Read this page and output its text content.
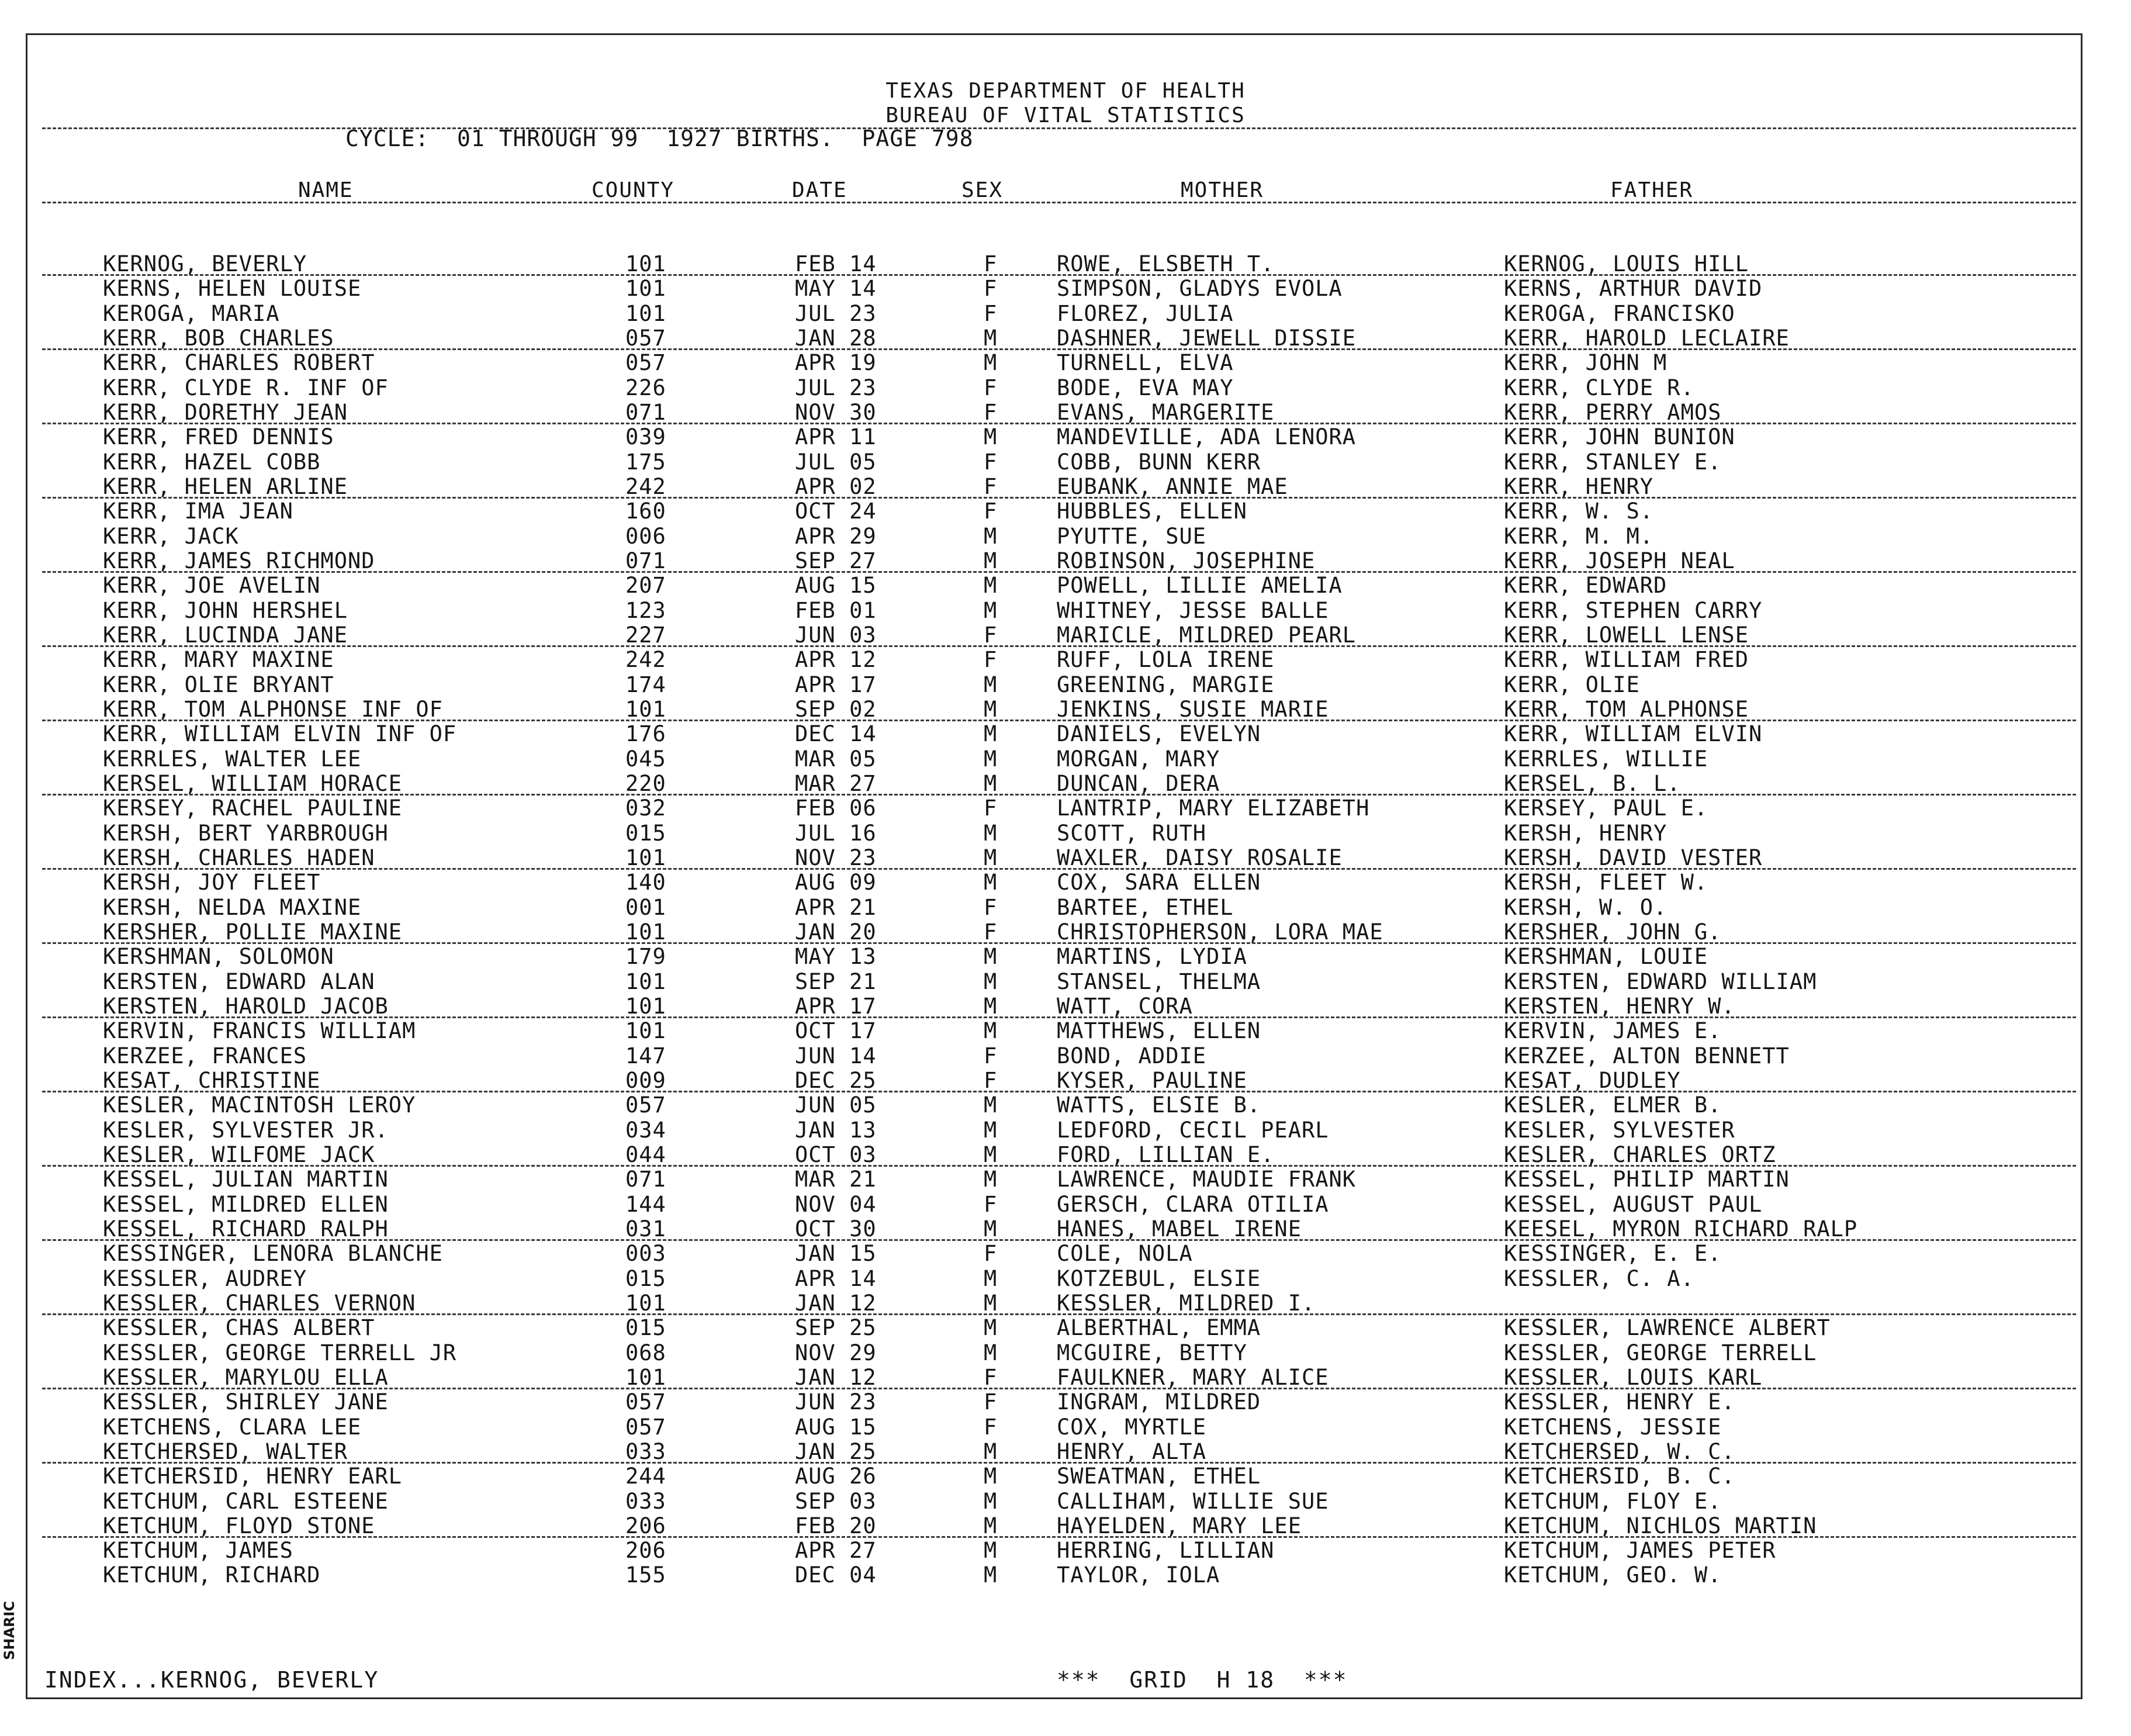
SHARIC
TEXAS DEPARTMENT OF HEALTH
BUREAU OF VITAL STATISTICS
CYCLE:  01 THROUGH 99  1927 BIRTHS.  PAGE 798
NAME	COUNTY	DATE	SEX	MOTHER	FATHER
KERNOG, BEVERLY	101	FEB 14	F	ROWE, ELSBETH T.	KERNOG, LOUIS HILL
KERNS, HELEN LOUISE	101	MAY 14	F	SIMPSON, GLADYS EVOLA	KERNS, ARTHUR DAVID
KEROGA, MARIA	101	JUL 23	F	FLOREZ, JULIA	KEROGA, FRANCISKO
KERR, BOB CHARLES	057	JAN 28	M	DASHNER, JEWELL DISSIE	KERR, HAROLD LECLAIRE
KERR, CHARLES ROBERT	057	APR 19	M	TURNELL, ELVA	KERR, JOHN M
KERR, CLYDE R. INF OF	226	JUL 23	F	BODE, EVA MAY	KERR, CLYDE R.
KERR, DORETHY JEAN	071	NOV 30	F	EVANS, MARGERITE	KERR, PERRY AMOS
KERR, FRED DENNIS	039	APR 11	M	MANDEVILLE, ADA LENORA	KERR, JOHN BUNION
KERR, HAZEL COBB	175	JUL 05	F	COBB, BUNN KERR	KERR, STANLEY E.
KERR, HELEN ARLINE	242	APR 02	F	EUBANK, ANNIE MAE	KERR, HENRY
KERR, IMA JEAN	160	OCT 24	F	HUBBLES, ELLEN	KERR, W. S.
KERR, JACK	006	APR 29	M	PYUTTE, SUE	KERR, M. M.
KERR, JAMES RICHMOND	071	SEP 27	M	ROBINSON, JOSEPHINE	KERR, JOSEPH NEAL
KERR, JOE AVELIN	207	AUG 15	M	POWELL, LILLIE AMELIA	KERR, EDWARD
KERR, JOHN HERSHEL	123	FEB 01	M	WHITNEY, JESSE BALLE	KERR, STEPHEN CARRY
KERR, LUCINDA JANE	227	JUN 03	F	MARICLE, MILDRED PEARL	KERR, LOWELL LENSE
KERR, MARY MAXINE	242	APR 12	F	RUFF, LOLA IRENE	KERR, WILLIAM FRED
KERR, OLIE BRYANT	174	APR 17	M	GREENING, MARGIE	KERR, OLIE
KERR, TOM ALPHONSE INF OF	101	SEP 02	M	JENKINS, SUSIE MARIE	KERR, TOM ALPHONSE
KERR, WILLIAM ELVIN INF OF	176	DEC 14	M	DANIELS, EVELYN	KERR, WILLIAM ELVIN
KERRLES, WALTER LEE	045	MAR 05	M	MORGAN, MARY	KERRLES, WILLIE
KERSEL, WILLIAM HORACE	220	MAR 27	M	DUNCAN, DERA	KERSEL, B. L.
KERSEY, RACHEL PAULINE	032	FEB 06	F	LANTRIP, MARY ELIZABETH	KERSEY, PAUL E.
KERSH, BERT YARBROUGH	015	JUL 16	M	SCOTT, RUTH	KERSH, HENRY
KERSH, CHARLES HADEN	101	NOV 23	M	WAXLER, DAISY ROSALIE	KERSH, DAVID VESTER
KERSH, JOY FLEET	140	AUG 09	M	COX, SARA ELLEN	KERSH, FLEET W.
KERSH, NELDA MAXINE	001	APR 21	F	BARTEE, ETHEL	KERSH, W. O.
KERSHER, POLLIE MAXINE	101	JAN 20	F	CHRISTOPHERSON, LORA MAE	KERSHER, JOHN G.
KERSHMAN, SOLOMON	179	MAY 13	M	MARTINS, LYDIA	KERSHMAN, LOUIE
KERSTEN, EDWARD ALAN	101	SEP 21	M	STANSEL, THELMA	KERSTEN, EDWARD WILLIAM
KERSTEN, HAROLD JACOB	101	APR 17	M	WATT, CORA	KERSTEN, HENRY W.
KERVIN, FRANCIS WILLIAM	101	OCT 17	M	MATTHEWS, ELLEN	KERVIN, JAMES E.
KERZEE, FRANCES	147	JUN 14	F	BOND, ADDIE	KERZEE, ALTON BENNETT
KESAT, CHRISTINE	009	DEC 25	F	KYSER, PAULINE	KESAT, DUDLEY
KESLER, MACINTOSH LEROY	057	JUN 05	M	WATTS, ELSIE B.	KESLER, ELMER B.
KESLER, SYLVESTER JR.	034	JAN 13	M	LEDFORD, CECIL PEARL	KESLER, SYLVESTER
KESLER, WILFOME JACK	044	OCT 03	M	FORD, LILLIAN E.	KESLER, CHARLES ORTZ
KESSEL, JULIAN MARTIN	071	MAR 21	M	LAWRENCE, MAUDIE FRANK	KESSEL, PHILIP MARTIN
KESSEL, MILDRED ELLEN	144	NOV 04	F	GERSCH, CLARA OTILIA	KESSEL, AUGUST PAUL
KESSEL, RICHARD RALPH	031	OCT 30	M	HANES, MABEL IRENE	KEESEL, MYRON RICHARD RALP
KESSINGER, LENORA BLANCHE	003	JAN 15	F	COLE, NOLA	KESSINGER, E. E.
KESSLER, AUDREY	015	APR 14	M	KOTZEBUL, ELSIE	KESSLER, C. A.
KESSLER, CHARLES VERNON	101	JAN 12	M	KESSLER, MILDRED I.
KESSLER, CHAS ALBERT	015	SEP 25	M	ALBERTHAL, EMMA	KESSLER, LAWRENCE ALBERT
KESSLER, GEORGE TERRELL JR	068	NOV 29	M	MCGUIRE, BETTY	KESSLER, GEORGE TERRELL
KESSLER, MARYLOU ELLA	101	JAN 12	F	FAULKNER, MARY ALICE	KESSLER, LOUIS KARL
KESSLER, SHIRLEY JANE	057	JUN 23	F	INGRAM, MILDRED	KESSLER, HENRY E.
KETCHENS, CLARA LEE	057	AUG 15	F	COX, MYRTLE	KETCHENS, JESSIE
KETCHERSED, WALTER	033	JAN 25	M	HENRY, ALTA	KETCHERSED, W. C.
KETCHERSID, HENRY EARL	244	AUG 26	M	SWEATMAN, ETHEL	KETCHERSID, B. C.
KETCHUM, CARL ESTEENE	033	SEP 03	M	CALLIHAM, WILLIE SUE	KETCHUM, FLOY E.
KETCHUM, FLOYD STONE	206	FEB 20	M	HAYELDEN, MARY LEE	KETCHUM, NICHLOS MARTIN
KETCHUM, JAMES	206	APR 27	M	HERRING, LILLIAN	KETCHUM, JAMES PETER
KETCHUM, RICHARD	155	DEC 04	M	TAYLOR, IOLA	KETCHUM, GEO. W.
INDEX...KERNOG, BEVERLY	***  GRID  H 18  ***
